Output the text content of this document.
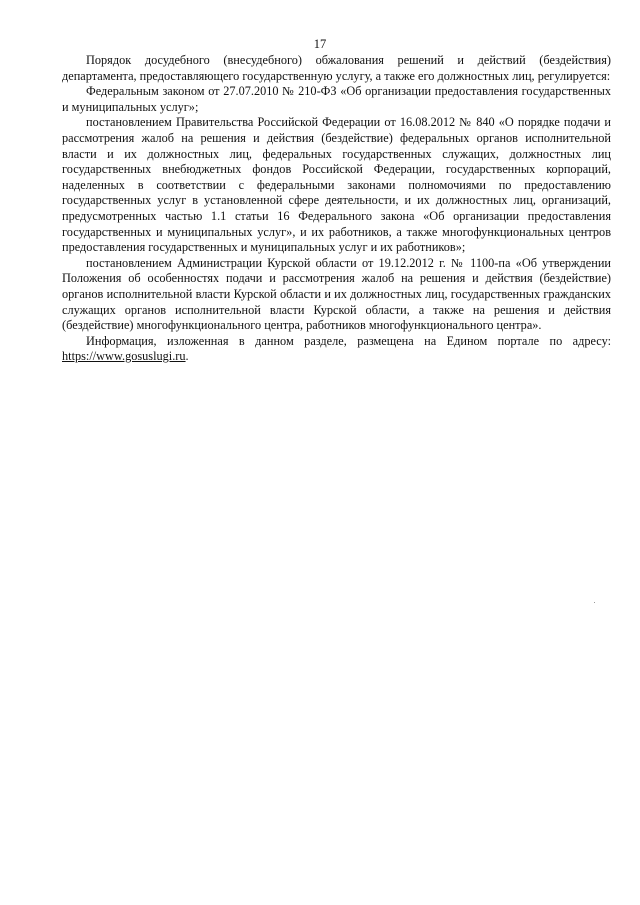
17

Порядок досудебного (внесудебного) обжалования решений и действий (бездействия) департамента, предоставляющего государственную услугу, а также его должностных лиц, регулируется:

Федеральным законом от 27.07.2010 № 210-ФЗ «Об организации предоставления государственных и муниципальных услуг»;

постановлением Правительства Российской Федерации от 16.08.2012 № 840 «О порядке подачи и рассмотрения жалоб на решения и действия (бездействие) федеральных органов исполнительной власти и их должностных лиц, федеральных государственных служащих, должностных лиц государственных внебюджетных фондов Российской Федерации, государственных корпораций, наделенных в соответствии с федеральными законами полномочиями по предоставлению государственных услуг в установленной сфере деятельности, и их должностных лиц, организаций, предусмотренных частью 1.1 статьи 16 Федерального закона «Об организации предоставления государственных и муниципальных услуг», и их работников, а также многофункциональных центров предоставления государственных и муниципальных услуг и их работников»;

постановлением Администрации Курской области от 19.12.2012 г. № 1100-па «Об утверждении Положения об особенностях подачи и рассмотрения жалоб на решения и действия (бездействие) органов исполнительной власти Курской области и их должностных лиц, государственных гражданских служащих органов исполнительной власти Курской области, а также на решения и действия (бездействие) многофункционального центра, работников многофункционального центра».

Информация, изложенная в данном разделе, размещена на Едином портале по адресу: https://www.gosuslugi.ru.
